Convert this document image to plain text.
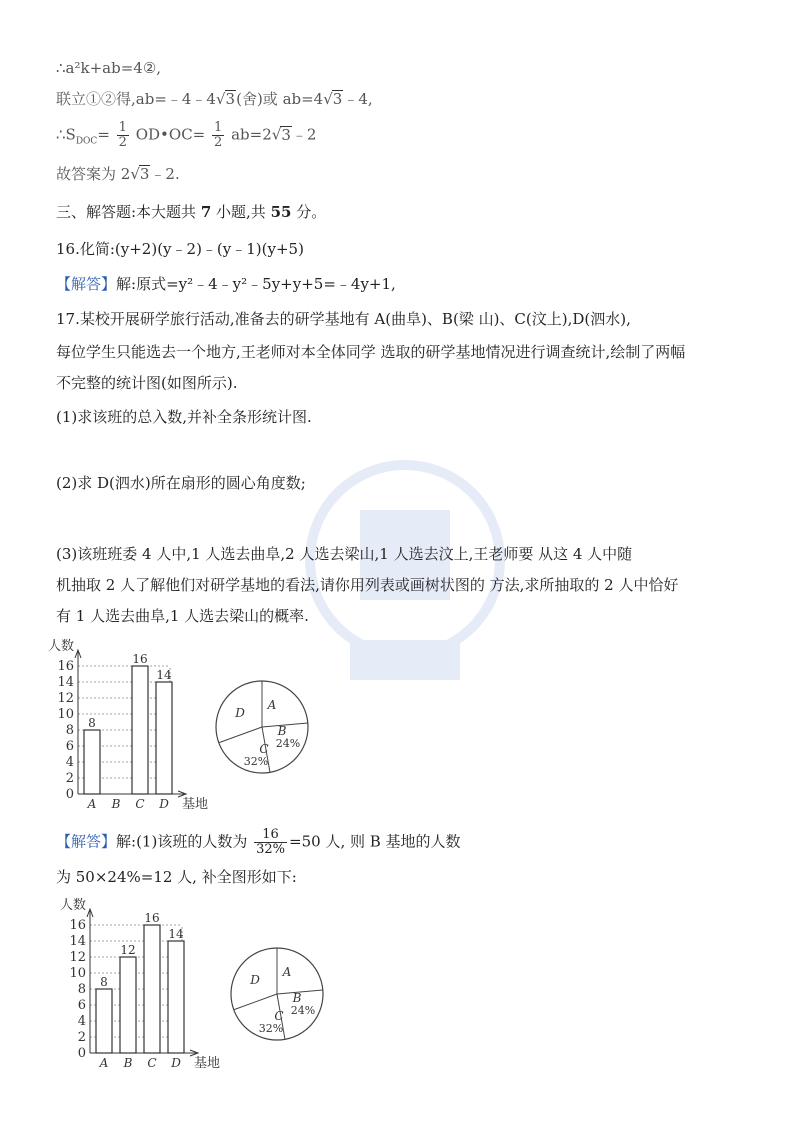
∴a²k+ab=4②,
联立①②得,ab=﹣4﹣4√3(舍)或 ab=4√3﹣4,
$\therefore S_{DOC}= \frac{1}{2}$ OD•OC= $\frac{1}{2}$ ab=2√3﹣2
故答案为 2√3﹣2.
三、解答题:本大题共 7 小题,共 55 分。
16.化简:(y+2)(y﹣2)﹣(y﹣1)(y+5)
【解答】解:原式=y²﹣4﹣y²﹣5y+y+5=﹣4y+1,
17.某校开展研学旅行活动,准备去的研学基地有 A(曲阜)、B(梁 山)、C(汶上),D(泗水),
每位学生只能选去一个地方,王老师对本全体同学 选取的研学基地情况进行调查统计,绘制了两幅
不完整的统计图(如图所示).
(1)求该班的总入数,并补全条形统计图.
(2)求 D(泗水)所在扇形的圆心角度数;
(3)该班班委 4 人中,1 人选去曲阜,2 人选去梁山,1 人选去汶上,王老师要 从这 4 人中随
机抽取 2 人了解他们对研学基地的看法,请你用列表或画树状图的 方法,求所抽取的 2 人中恰好
有 1 人选去曲阜,1 人选去梁山的概率.
0
2
4
6
8
10
12
14
16
人数
基地
A
8
B C
16
D
14
A
B
24%
C
32%
D
【解答】解:(1)该班的人数为 $\frac{16}{32\%} =50$ 人, 则 B 基地的人数
为 50×24%=12 人, 补全图形如下:
0
2
4
6
8
10
12
14
16
人数
基地
A
8
B
12
C
16
D
14
A
B
24%
C
32%
D
